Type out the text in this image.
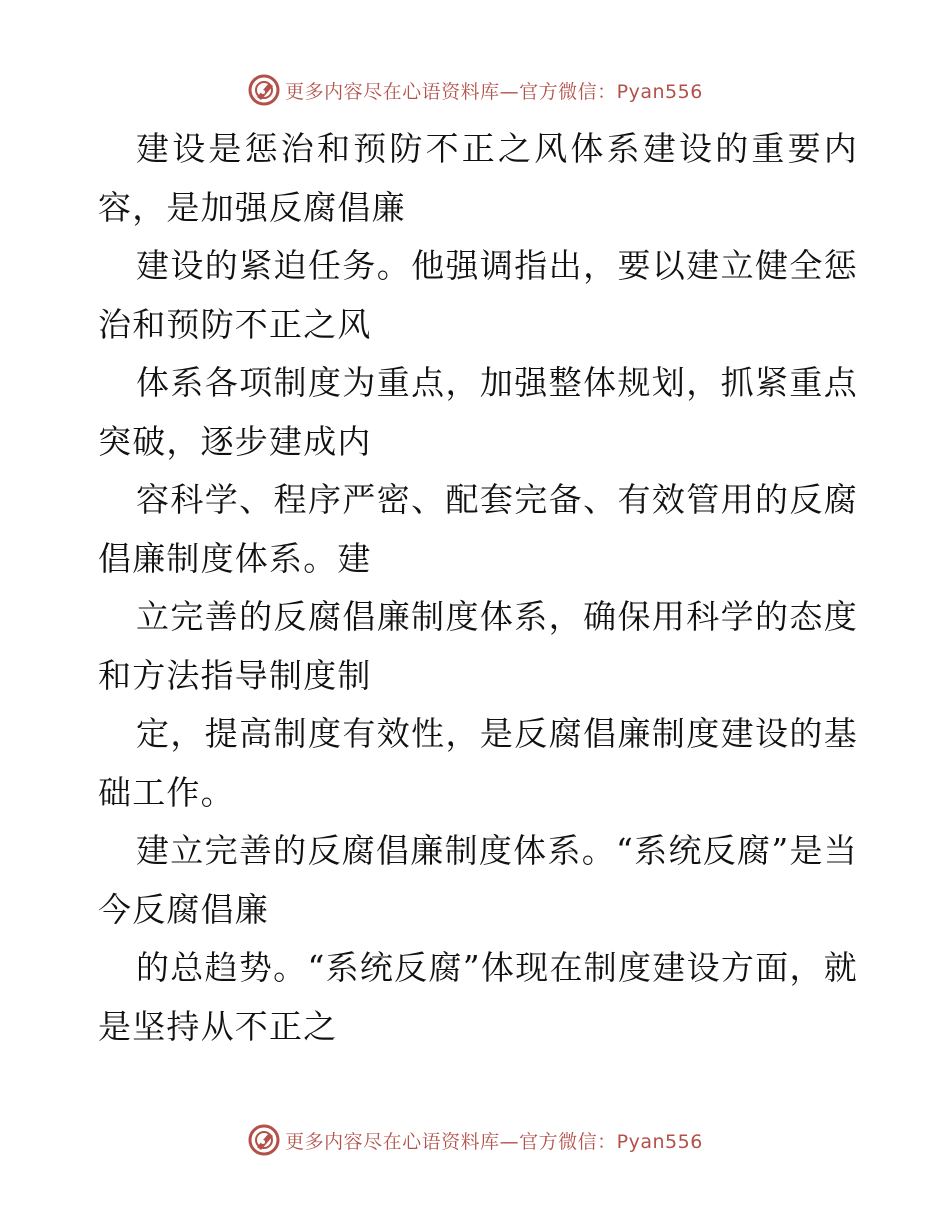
更多内容尽在心语资料库—官方微信：Pyan556

建设是惩治和预防不正之风体系建设的重要内容，是加强反腐倡廉

建设的紧迫任务。他强调指出，要以建立健全惩治和预防不正之风

体系各项制度为重点，加强整体规划，抓紧重点突破，逐步建成内

容科学、程序严密、配套完备、有效管用的反腐倡廉制度体系。建

立完善的反腐倡廉制度体系，确保用科学的态度和方法指导制度制

定，提高制度有效性，是反腐倡廉制度建设的基础工作。

建立完善的反腐倡廉制度体系。“系统反腐”是当今反腐倡廉

的总趋势。“系统反腐”体现在制度建设方面，就是坚持从不正之

更多内容尽在心语资料库—官方微信：Pyan556
